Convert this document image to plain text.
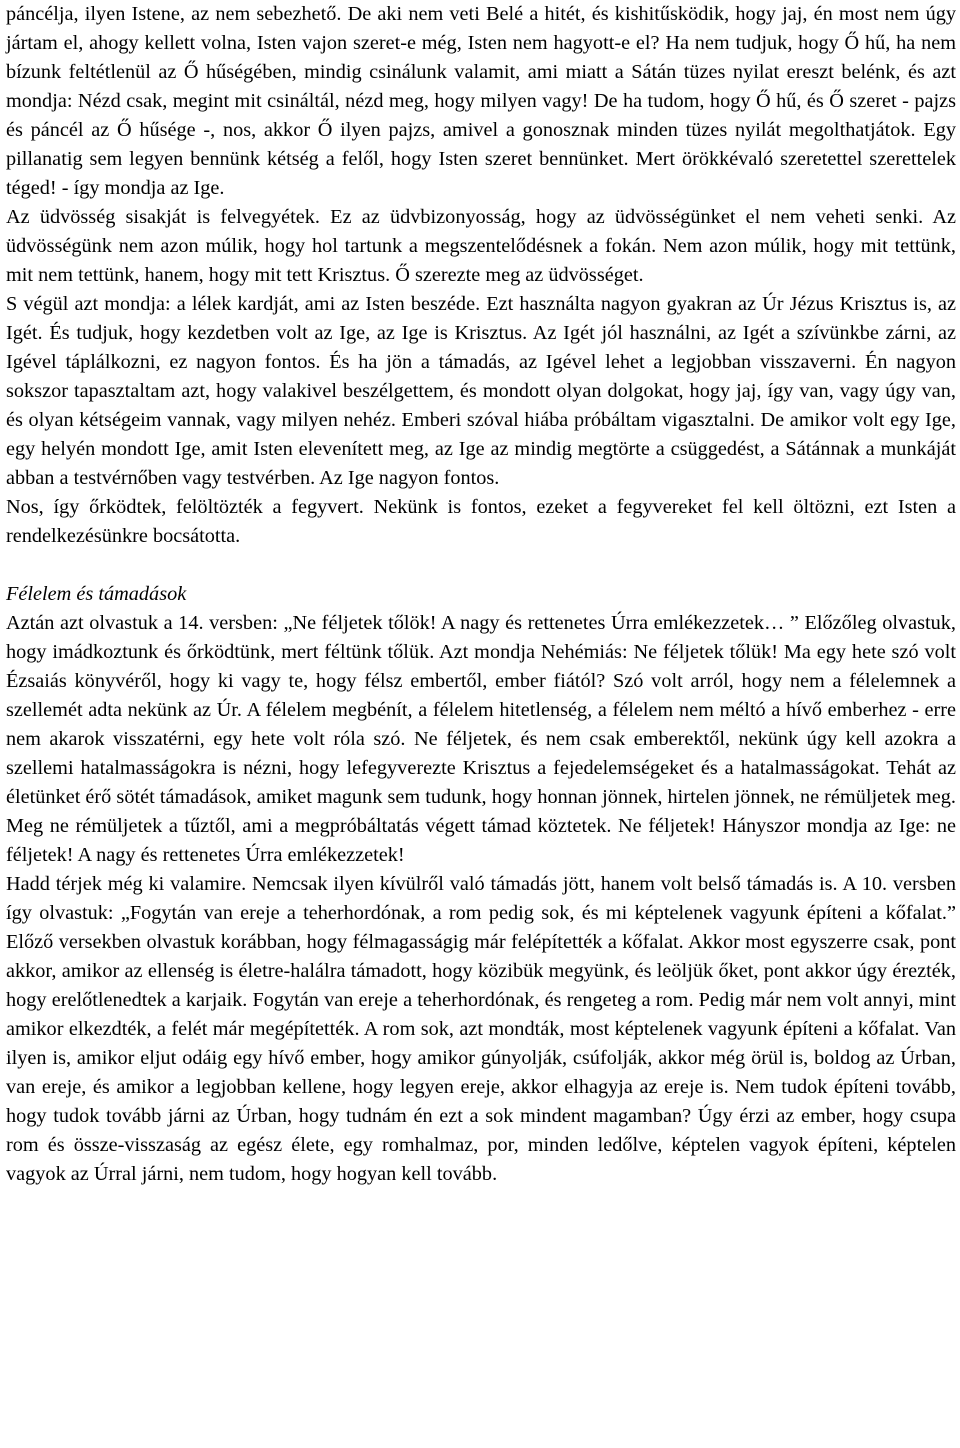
páncélja, ilyen Istene, az nem sebezhető. De aki nem veti Belé a hitét, és kishitűsködik, hogy jaj, én most nem úgy jártam el, ahogy kellett volna, Isten vajon szeret-e még, Isten nem hagyott-e el? Ha nem tudjuk, hogy Ő hű, ha nem bízunk feltétlenül az Ő hűségében, mindig csinálunk valamit, ami miatt a Sátán tüzes nyilat ereszt belénk, és azt mondja: Nézd csak, megint mit csináltál, nézd meg, hogy milyen vagy! De ha tudom, hogy Ő hű, és Ő szeret - pajzs és páncél az Ő hűsége -, nos, akkor Ő ilyen pajzs, amivel a gonosznak minden tüzes nyilát megolthatjátok. Egy pillanatig sem legyen bennünk kétség a felől, hogy Isten szeret bennünket. Mert örökkévaló szeretettel szerettelek téged! - így mondja az Ige.

Az üdvösség sisakját is felvegyétek. Ez az üdvbizonyosság, hogy az üdvösségünket el nem veheti senki. Az üdvösségünk nem azon múlik, hogy hol tartunk a megszentelődésnek a fokán. Nem azon múlik, hogy mit tettünk, mit nem tettünk, hanem, hogy mit tett Krisztus. Ő szerezte meg az üdvösséget.

S végül azt mondja: a lélek kardját, ami az Isten beszéde. Ezt használta nagyon gyakran az Úr Jézus Krisztus is, az Igét. És tudjuk, hogy kezdetben volt az Ige, az Ige is Krisztus. Az Igét jól használni, az Igét a szívünkbe zárni, az Igével táplálkozni, ez nagyon fontos. És ha jön a támadás, az Igével lehet a legjobban visszaverni. Én nagyon sokszor tapasztaltam azt, hogy valakivel beszélgettem, és mondott olyan dolgokat, hogy jaj, így van, vagy úgy van, és olyan kétségeim vannak, vagy milyen nehéz. Emberi szóval hiába próbáltam vigasztalni. De amikor volt egy Ige, egy helyén mondott Ige, amit Isten elevenített meg, az Ige az mindig megtörte a csüggedést, a Sátánnak a munkáját abban a testvérnőben vagy testvérben. Az Ige nagyon fontos.

Nos, így őrködtek, felöltözték a fegyvert. Nekünk is fontos, ezeket a fegyvereket fel kell öltözni, ezt Isten a rendelkezésünkre bocsátotta.

Félelem és támadások

Aztán azt olvastuk a 14. versben: „Ne féljetek tőlök! A nagy és rettenetes Úrra emlékezzetek… ” Előzőleg olvastuk, hogy imádkoztunk és őrködtünk, mert féltünk tőlük. Azt mondja Nehémiás: Ne féljetek tőlük! Ma egy hete szó volt Ézsaiás könyvéről, hogy ki vagy te, hogy félsz embertől, ember fiától? Szó volt arról, hogy nem a félelemnek a szellemét adta nekünk az Úr. A félelem megbénít, a félelem hitetlenség, a félelem nem méltó a hívő emberhez - erre nem akarok visszatérni, egy hete volt róla szó. Ne féljetek, és nem csak emberektől, nekünk úgy kell azokra a szellemi hatalmasságokra is nézni, hogy lefegyverezte Krisztus a fejedelemségeket és a hatalmasságokat. Tehát az életünket érő sötét támadások, amiket magunk sem tudunk, hogy honnan jönnek, hirtelen jönnek, ne rémüljetek meg. Meg ne rémüljetek a tűztől, ami a megpróbáltatás végett támad köztetek. Ne féljetek! Hányszor mondja az Ige: ne féljetek! A nagy és rettenetes Úrra emlékezzetek!

Hadd térjek még ki valamire. Nemcsak ilyen kívülről való támadás jött, hanem volt belső támadás is. A 10. versben így olvastuk: „Fogytán van ereje a teherhordónak, a rom pedig sok, és mi képtelenek vagyunk építeni a kőfalat.” Előző versekben olvastuk korábban, hogy félmagasságig már felépítették a kőfalat. Akkor most egyszerre csak, pont akkor, amikor az ellenség is életre-halálra támadott, hogy közibük megyünk, és leöljük őket, pont akkor úgy érezték, hogy erelőtlenedtek a karjaik. Fogytán van ereje a teherhordónak, és rengeteg a rom. Pedig már nem volt annyi, mint amikor elkezdték, a felét már megépítették. A rom sok, azt mondták, most képtelenek vagyunk építeni a kőfalat. Van ilyen is, amikor eljut odáig egy hívő ember, hogy amikor gúnyolják, csúfolják, akkor még örül is, boldog az Úrban, van ereje, és amikor a legjobban kellene, hogy legyen ereje, akkor elhagyja az ereje is. Nem tudok építeni tovább, hogy tudok tovább járni az Úrban, hogy tudnám én ezt a sok mindent magamban? Úgy érzi az ember, hogy csupa rom és össze-visszaság az egész élete, egy romhalmaz, por, minden ledőlve, képtelen vagyok építeni, képtelen vagyok az Úrral járni, nem tudom, hogy hogyan kell tovább.
